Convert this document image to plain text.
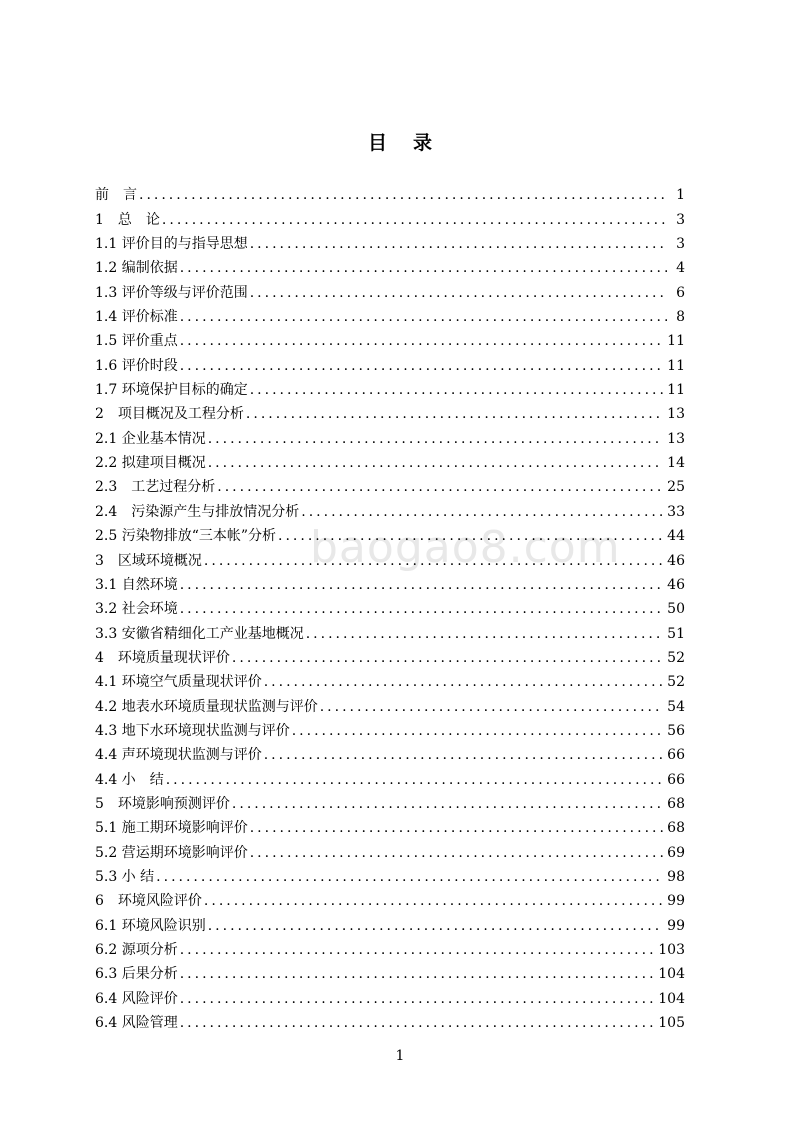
目录
baogao8.com
前　言 .....	1
1　总　论 .....	3
1.1 评价目的与指导思想 .....	3
1.2 编制依据 .....	4
1.3 评价等级与评价范围 .....	6
1.4 评价标准 .....	8
1.5 评价重点 .....	11
1.6 评价时段 .....	11
1.7 环境保护目标的确定 .....	11
2　项目概况及工程分析 .....	13
2.1 企业基本情况 .....	13
2.2 拟建项目概况 .....	14
2.3　工艺过程分析 .....	25
2.4　污染源产生与排放情况分析 .....	33
2.5 污染物排放“三本帐”分析 .....	44
3　区域环境概况 .....	46
3.1 自然环境 .....	46
3.2 社会环境 .....	50
3.3 安徽省精细化工产业基地概况 .....	51
4　环境质量现状评价 .....	52
4.1 环境空气质量现状评价 .....	52
4.2 地表水环境质量现状监测与评价 .....	54
4.3 地下水环境现状监测与评价 .....	56
4.4 声环境现状监测与评价 .....	66
4.4 小　结 .....	66
5　环境影响预测评价 .....	68
5.1 施工期环境影响评价 .....	68
5.2 营运期环境影响评价 .....	69
5.3 小 结 .....	98
6　环境风险评价 .....	99
6.1 环境风险识别 .....	99
6.2 源项分析 .....	103
6.3 后果分析 .....	104
6.4 风险评价 .....	104
6.4 风险管理 .....	105
1
